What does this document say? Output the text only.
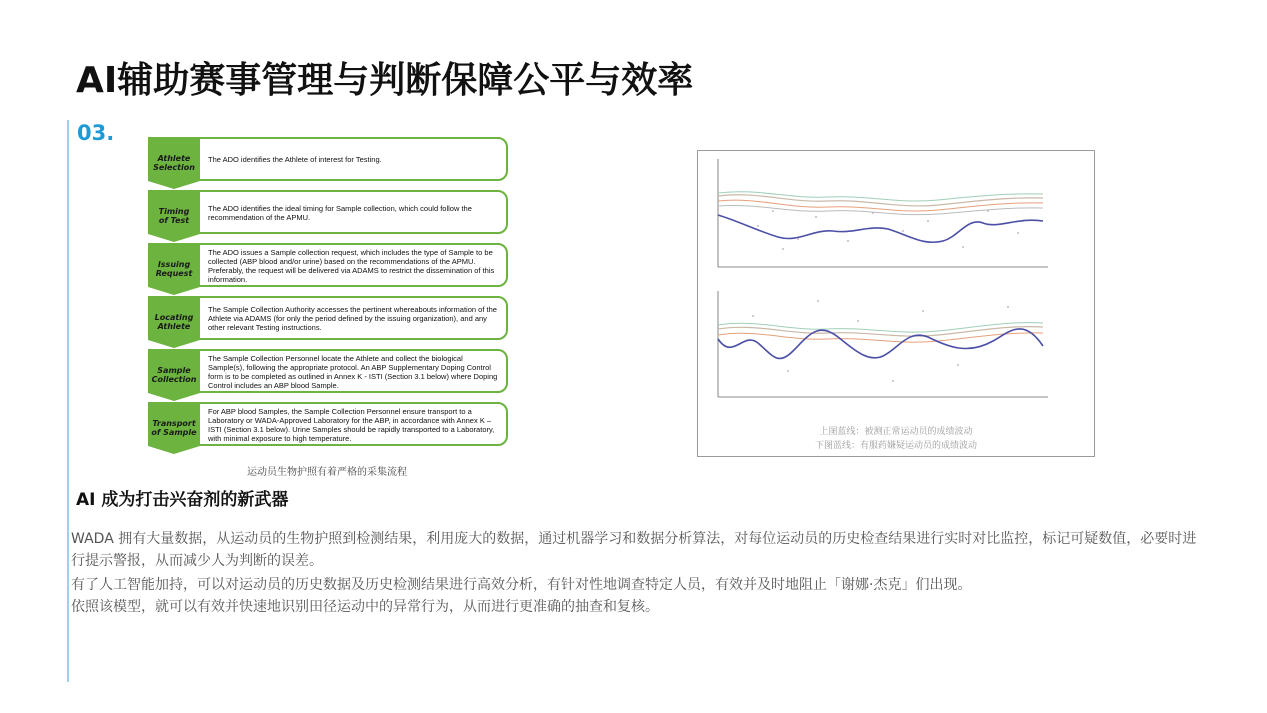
AI辅助赛事管理与判断保障公平与效率
03.
Athlete
Selection
The ADO identifies the Athlete of interest for Testing.
Timing
of Test
The ADO identifies the ideal timing for Sample collection, which could follow the recommendation of the APMU.
Issuing
Request
The ADO issues a Sample collection request, which includes the type of Sample to be collected (ABP blood and/or urine) based on the recommendations of the APMU. Preferably, the request will be delivered via ADAMS to restrict the dissemination of this information.
Locating
Athlete
The Sample Collection Authority accesses the pertinent whereabouts information of the Athlete via ADAMS (for only the period defined by the issuing organization), and any other relevant Testing instructions.
Sample
Collection
The Sample Collection Personnel locate the Athlete and collect the biological Sample(s), following the appropriate protocol. An ABP Supplementary Doping Control form is to be completed as outlined in Annex K - ISTI (Section 3.1 below) where Doping Control includes an ABP blood Sample.
Transport
of Sample
For ABP blood Samples, the Sample Collection Personnel ensure transport to a Laboratory or WADA-Approved Laboratory for the ABP, in accordance with Annex K – ISTI (Section 3.1 below). Urine Samples should be rapidly transported to a Laboratory, with minimal exposure to high temperature.
运动员生物护照有着严格的采集流程
上图蓝线：被测正常运动员的成绩波动
下图蓝线：有服药嫌疑运动员的成绩波动
AI 成为打击兴奋剂的新武器
WADA 拥有大量数据，从运动员的生物护照到检测结果，利用庞大的数据，通过机器学习和数据分析算法，对每位运动员的历史检查结果进行实时对比监控，标记可疑数值，必要时进行提示警报，从而减少人为判断的误差。
有了人工智能加持，可以对运动员的历史数据及历史检测结果进行高效分析，有针对性地调查特定人员，有效并及时地阻止「谢娜·杰克」们出现。
依照该模型，就可以有效并快速地识别田径运动中的异常行为，从而进行更准确的抽查和复核。
